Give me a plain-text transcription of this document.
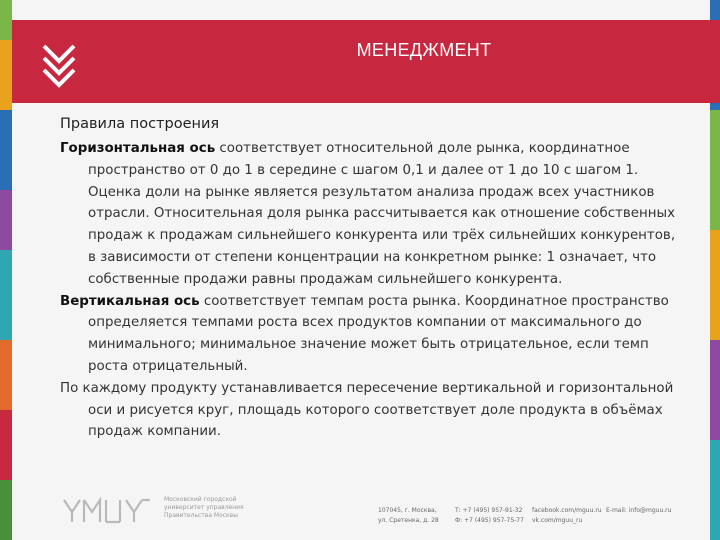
МЕНЕДЖМЕНТ

Правила построения

Горизонтальная ось соответствует относительной доле рынка, координатное пространство от 0 до 1 в середине с шагом 0,1 и далее от 1 до 10 с шагом 1. Оценка доли на рынке является результатом анализа продаж всех участников отрасли. Относительная доля рынка рассчитывается как отношение собственных продаж к продажам сильнейшего конкурента или трёх сильнейших конкурентов, в зависимости от степени концентрации на конкретном рынке: 1 означает, что собственные продажи равны продажам сильнейшего конкурента.

Вертикальная ось соответствует темпам роста рынка. Координатное пространство определяется темпами роста всех продуктов компании от максимального до минимального; минимальное значение может быть отрицательное, если темп роста отрицательный.

По каждому продукту устанавливается пересечение вертикальной и горизонтальной оси и рисуется круг, площадь которого соответствует доле продукта в объёмах продаж компании.

Московский городской
университет управления
Правительства Москвы
107045, г. Москва,
ул. Сретенка, д. 28
Т: +7 (495) 957-91-32
Ф: +7 (495) 957-75-77
facebook.com/mguu.ru
vk.com/mguu_ru
E-mail: info@mguu.ru
